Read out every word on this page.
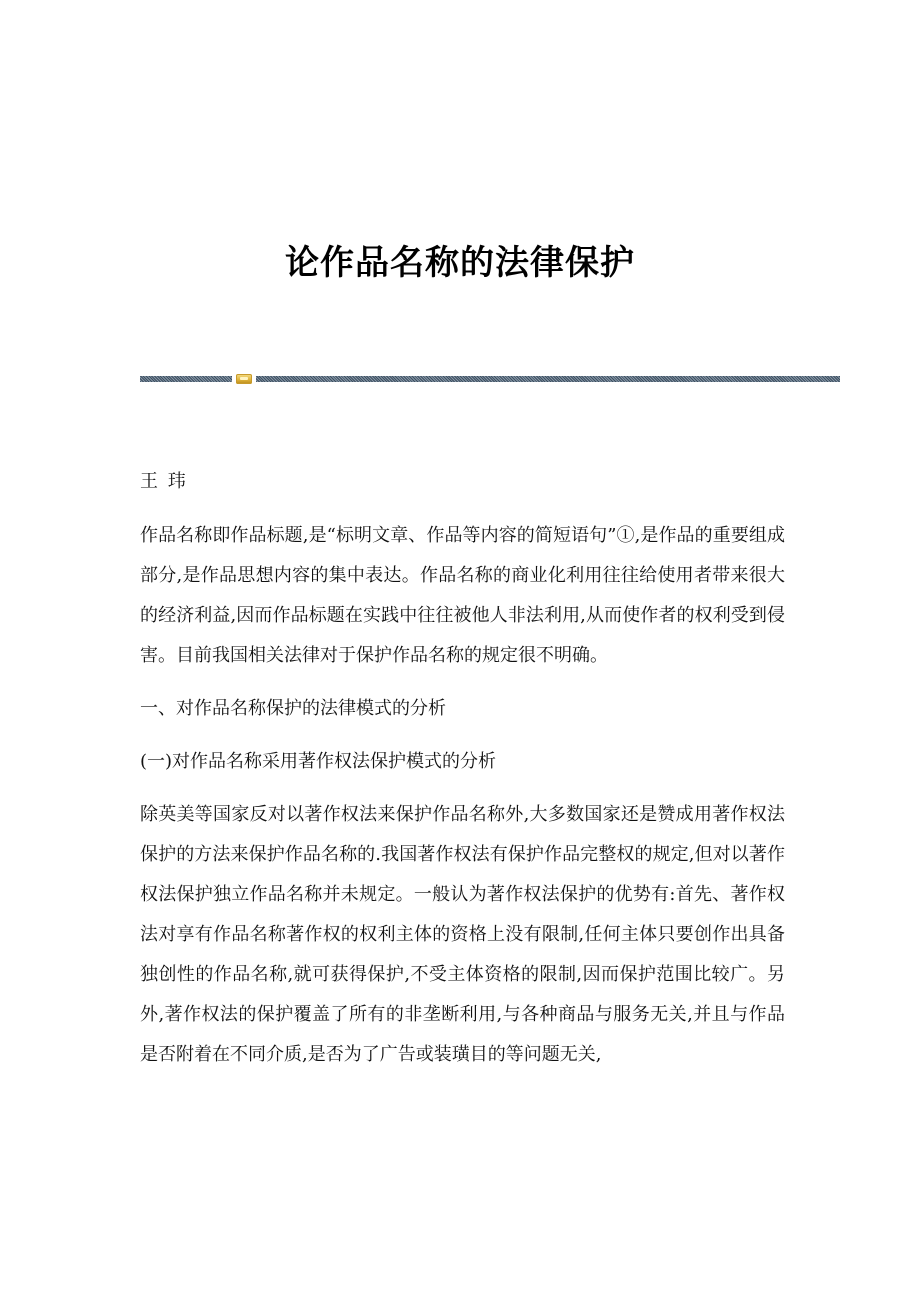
论作品名称的法律保护

王 玮

作品名称即作品标题,是“标明文章、作品等内容的简短语句”①,是作品的重要组成部分,是作品思想内容的集中表达。作品名称的商业化利用往往给使用者带来很大的经济利益,因而作品标题在实践中往往被他人非法利用,从而使作者的权利受到侵害。目前我国相关法律对于保护作品名称的规定很不明确。

一、对作品名称保护的法律模式的分析

(一)对作品名称采用著作权法保护模式的分析

除英美等国家反对以著作权法来保护作品名称外,大多数国家还是赞成用著作权法保护的方法来保护作品名称的.我国著作权法有保护作品完整权的规定,但对以著作权法保护独立作品名称并未规定。一般认为著作权法保护的优势有:首先、著作权法对享有作品名称著作权的权利主体的资格上没有限制,任何主体只要创作出具备独创性的作品名称,就可获得保护,不受主体资格的限制,因而保护范围比较广。另外,著作权法的保护覆盖了所有的非垄断利用,与各种商品与服务无关,并且与作品是否附着在不同介质,是否为了广告或装璜目的等问题无关,
